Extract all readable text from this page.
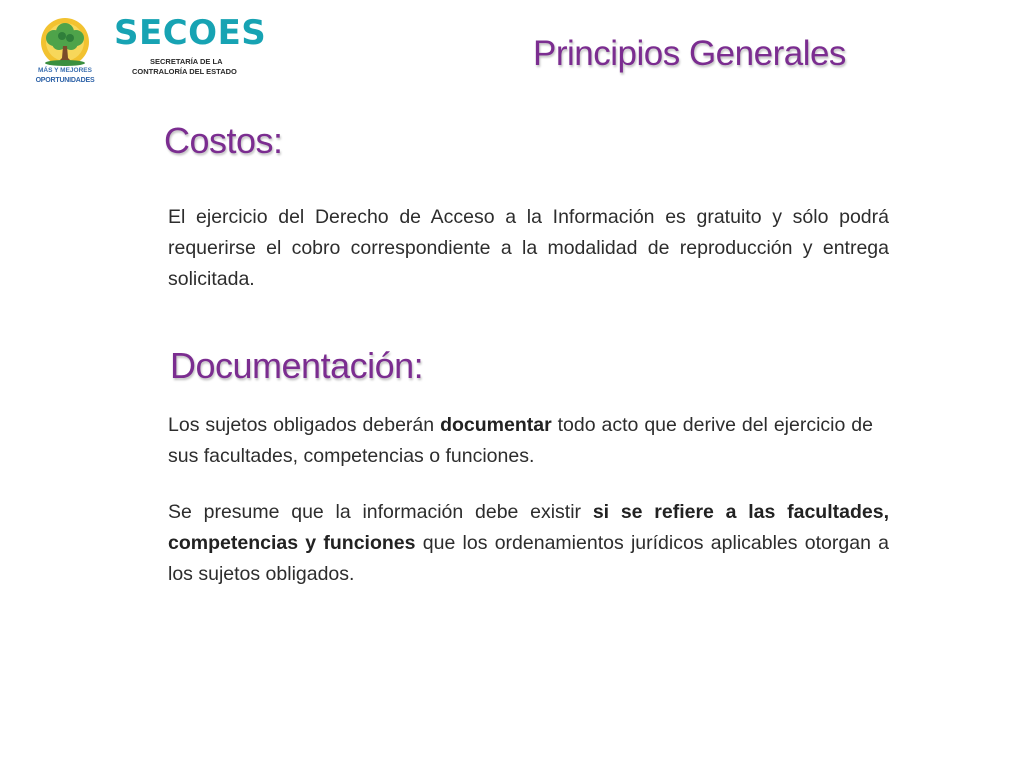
MÁS Y MEJORES
OPORTUNIDADES
SECOES
SECRETARÍA DE LA
CONTRALORÍA DEL ESTADO	Principios Generales
Costos:

El ejercicio del Derecho de Acceso a la Información es gratuito y sólo podrá requerirse el cobro correspondiente a la modalidad de reproducción y entrega solicitada.

Documentación:

Los sujetos obligados deberán documentar todo acto que derive del ejercicio de sus facultades, competencias o funciones.

Se presume que la información debe existir si se refiere a las facultades, competencias y funciones que los ordenamientos jurídicos aplicables otorgan a los sujetos obligados.
